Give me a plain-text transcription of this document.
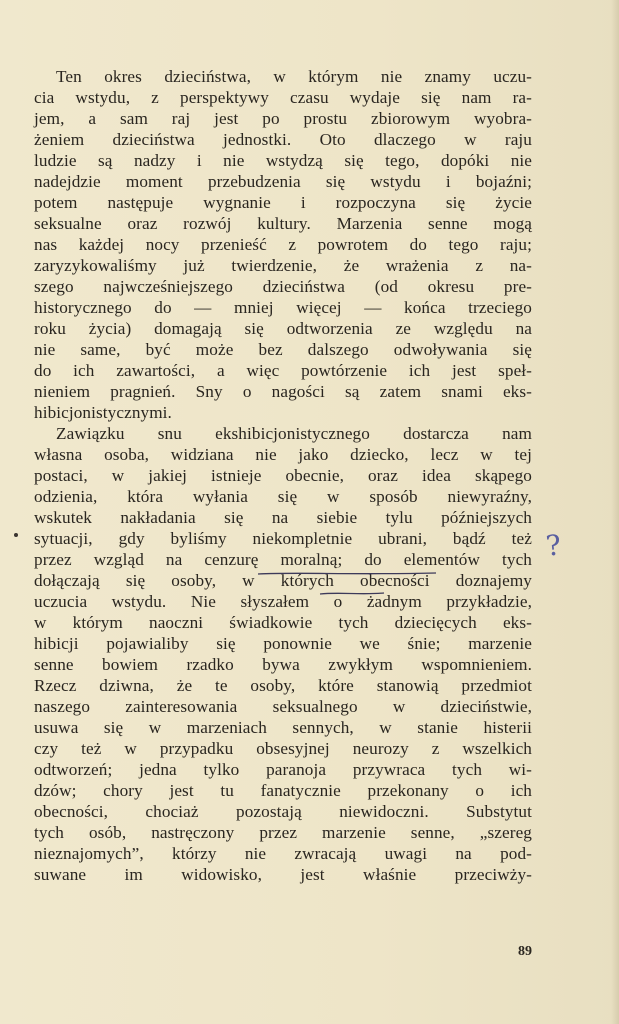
Ten okres dzieciństwa, w którym nie znamy uczu-
cia wstydu, z perspektywy czasu wydaje się nam ra-
jem, a sam raj jest po prostu zbiorowym wyobra-
żeniem dzieciństwa jednostki. Oto dlaczego w raju
ludzie są nadzy i nie wstydzą się tego, dopóki nie
nadejdzie moment przebudzenia się wstydu i bojaźni;
potem następuje wygnanie i rozpoczyna się życie
seksualne oraz rozwój kultury. Marzenia senne mogą
nas każdej nocy przenieść z powrotem do tego raju;
zaryzykowaliśmy już twierdzenie, że wrażenia z na-
szego najwcześniejszego dzieciństwa (od okresu pre-
historycznego do — mniej więcej — końca trzeciego
roku życia) domagają się odtworzenia ze względu na
nie same, być może bez dalszego odwoływania się
do ich zawartości, a więc powtórzenie ich jest speł-
nieniem pragnień. Sny o nagości są zatem snami eks-
hibicjonistycznymi.
Zawiązku snu ekshibicjonistycznego dostarcza nam
własna osoba, widziana nie jako dziecko, lecz w tej
postaci, w jakiej istnieje obecnie, oraz idea skąpego
odzienia, która wyłania się w sposób niewyraźny,
wskutek nakładania się na siebie tylu późniejszych
sytuacji, gdy byliśmy niekompletnie ubrani, bądź też
przez wzgląd na cenzurę moralną; do elementów tych
dołączają się osoby, w których obecności doznajemy
uczucia wstydu. Nie słyszałem o żadnym przykładzie,
w którym naoczni świadkowie tych dziecięcych eks-
hibicji pojawialiby się ponownie we śnie; marzenie
senne bowiem rzadko bywa zwykłym wspomnieniem.
Rzecz dziwna, że te osoby, które stanowią przedmiot
naszego zainteresowania seksualnego w dzieciństwie,
usuwa się w marzeniach sennych, w stanie histerii
czy też w przypadku obsesyjnej neurozy z wszelkich
odtworzeń; jedna tylko paranoja przywraca tych wi-
dzów; chory jest tu fanatycznie przekonany o ich
obecności, chociaż pozostają niewidoczni. Substytut
tych osób, nastręczony przez marzenie senne, „szereg
nieznajomych”, którzy nie zwracają uwagi na pod-
suwane im widowisko, jest właśnie przeciwży-
?
89
